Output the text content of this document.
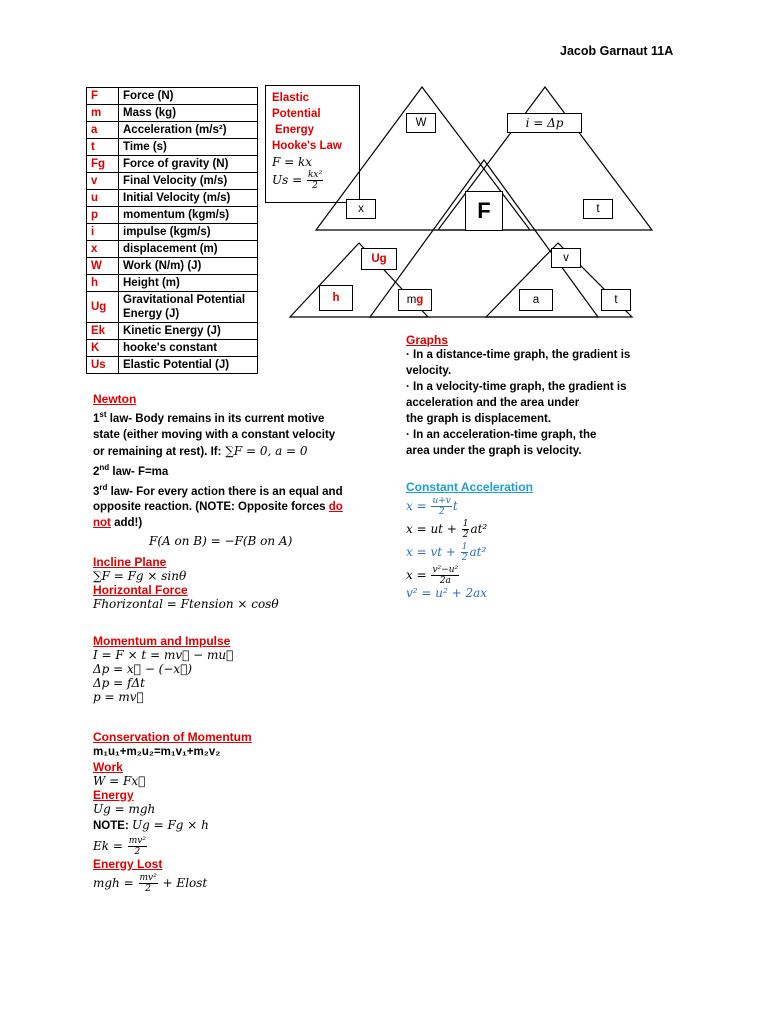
Jacob Garnaut 11A
F	Force (N)
m	Mass (kg)
a	Acceleration (m/s²)
t	Time (s)
Fg	Force of gravity (N)
v	Final Velocity (m/s)
u	Initial Velocity (m/s)
p	momentum (kgm/s)
i	impulse (kgm/s)
x	displacement (m)
W	Work (N/m) (J)
h	Height (m)
Ug	Gravitational Potential Energy (J)
Ek	Kinetic Energy (J)
K	hooke's constant
Us	Elastic Potential (J)
Elastic
Potential
Energy
Hooke's Law
F = kx
$Us = \frac{\text{kx²}}{2}$
W	i = Δp
x	F	t
Ug	v
h	mg	a	t
Graphs
· In a distance-time graph, the gradient is
velocity.
· In a velocity-time graph, the gradient is
acceleration and the area under
the graph is displacement.
· In an acceleration-time graph, the
area under the graph is velocity.
Constant Acceleration
$x = \frac{u+v}{2}$ t
x = ut + $\frac{1}{2} at^2$
x = vt + $\frac{1}{2} at^2$
$x = \frac{\text{v²−u²}}{2a}$
v² = u² + 2ax
Newton
1st law- Body remains in its current motive
state (either moving with a constant velocity
or remaining at rest). If: ∑F = 0, a = 0
2nd law- F=ma
3rd law- For every action there is an equal and
opposite reaction. (NOTE: Opposite forces do
not add!)
F(A on B) = −F(B on A)
Incline Plane
∑F = Fg × sinθ
Horizontal Force
Fhorizontal = Ftension × cosθ
Momentum and Impulse
I = F × t = mv⃗ − mu⃗
Δp = x⃗ − (−x⃗)
Δp = fΔt
p = mv⃗
Conservation of Momentum
m₁u₁+m₂u₂=m₁v₁+m₂v₂
Work
W = Fx⃗
Energy
Ug = mgh
NOTE: Ug = Fg × h
$Ek = \frac{\text{mv²}}{2}$
Energy Lost
mgh = $\frac{\text{mv²}}{2}$ + Elost
